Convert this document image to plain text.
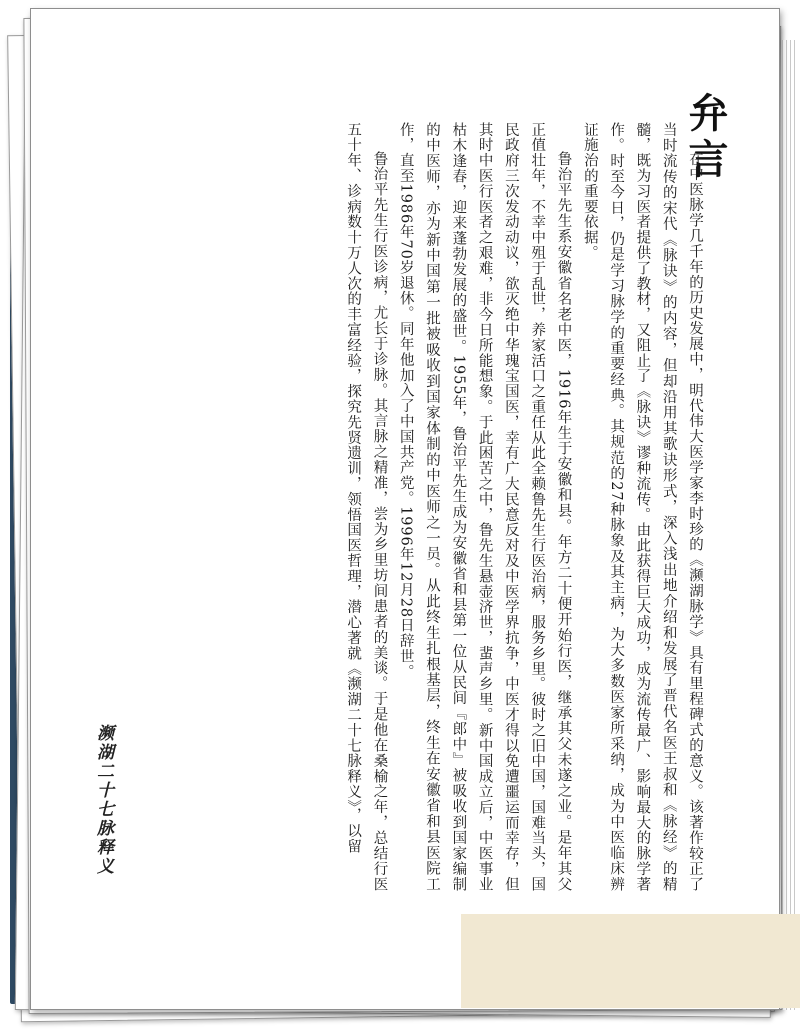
弁言

在中医脉学几千年的历史发展中，明代伟大医学家李时珍的《濒湖脉学》具有里程碑式的意义。该著作较正了当时流传的宋代《脉诀》的内容，但却沿用其歌诀形式，深入浅出地介绍和发展了晋代名医王叔和《脉经》的精髓，既为习医者提供了教材，又阻止了《脉诀》谬种流传。由此获得巨大成功，成为流传最广、影响最大的脉学著作。时至今日，仍是学习脉学的重要经典。其规范的27种脉象及其主病，为大多数医家所采纳，成为中医临床辨证施治的重要依据。

鲁治平先生系安徽省名老中医，1916年生于安徽和县。年方二十便开始行医，继承其父未遂之业。是年其父正值壮年，不幸中殂于乱世，养家活口之重任从此全赖鲁先生行医治病，服务乡里。彼时之旧中国，国难当头，国民政府三次发动动议，欲灭绝中华瑰宝国医，幸有广大民意反对及中医学界抗争，中医才得以免遭噩运而幸存，但其时中医行医者之艰难，非今日所能想象。于此困苦之中，鲁先生悬壶济世，蜚声乡里。新中国成立后，中医事业枯木逢春，迎来蓬勃发展的盛世。1955年，鲁治平先生成为安徽省和县第一位从民间『郎中』被吸收到国家编制的中医师，亦为新中国第一批被吸收到国家体制的中医师之一员。从此终生扎根基层，终生在安徽省和县医院工作，直至1986年70岁退休。同年他加入了中国共产党。1996年12月28日辞世。

鲁治平先生行医诊病，尤长于诊脉。其言脉之精准，尝为乡里坊间患者的美谈。于是他在桑榆之年，总结行医五十年、诊病数十万人次的丰富经验，探究先贤遗训，领悟国医哲理，潜心著就《濒湖二十七脉释义》，以留

濒湖二十七脉释义
